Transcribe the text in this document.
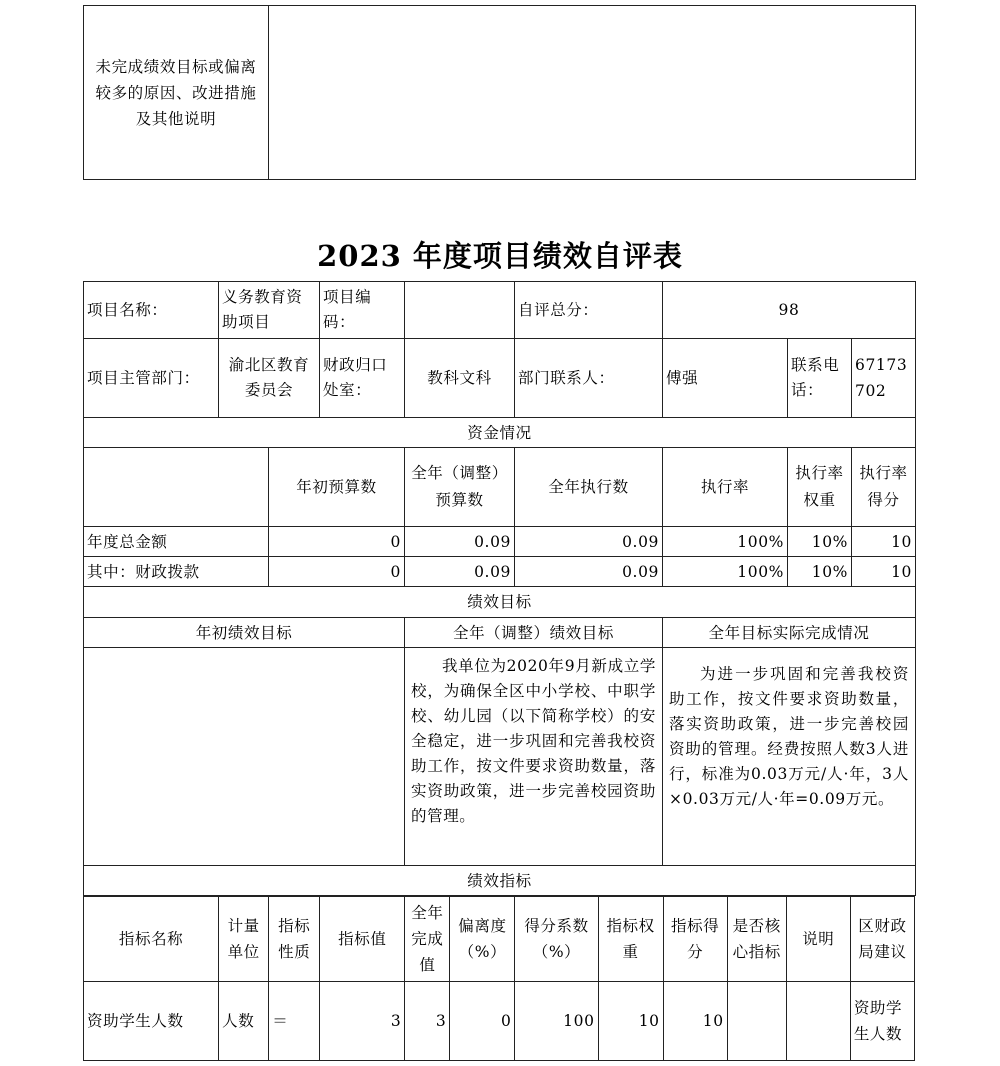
未完成绩效目标或偏离较多的原因、改进措施及其他说明	
2023 年度项目绩效自评表
项目名称：	义务教育资助项目		项目编码：		自评总分：	98		
项目主管部门：	渝北区教育委员会		财政归口处室：	教科文科	部门联系人：	傅强	联系电话：	67173702
资金情况								
		年初预算数		全年（调整）预算数	全年执行数	执行率	执行率权重	执行率得分
年度总金额		0		0.09	0.09	100%	10%	10
其中：财政拨款		0		0.09	0.09	100%	10%	10
绩效目标								
年初绩效目标				全年（调整）绩效目标		全年目标实际完成情况		
				我单位为2020年9月新成立学校，为确保全区中小学校、中职学校、幼儿园（以下简称学校）的安全稳定，进一步巩固和完善我校资助工作，按文件要求资助数量，落实资助政策，进一步完善校园资助的管理。		为进一步巩固和完善我校资助工作，按文件要求资助数量，落实资助政策，进一步完善校园资助的管理。经费按照人数3人进行，标准为0.03万元/人·年，3人×0.03万元/人·年=0.09万元。		
绩效指标								
指标名称	计量单位	指标性质	指标值	全年完成值	偏离度（%）	得分系数（%）	指标权重	指标得分	是否核心指标	说明	区财政局建议
资助学生人数	人数	＝	3	3	0	100	10	10			资助学生人数
